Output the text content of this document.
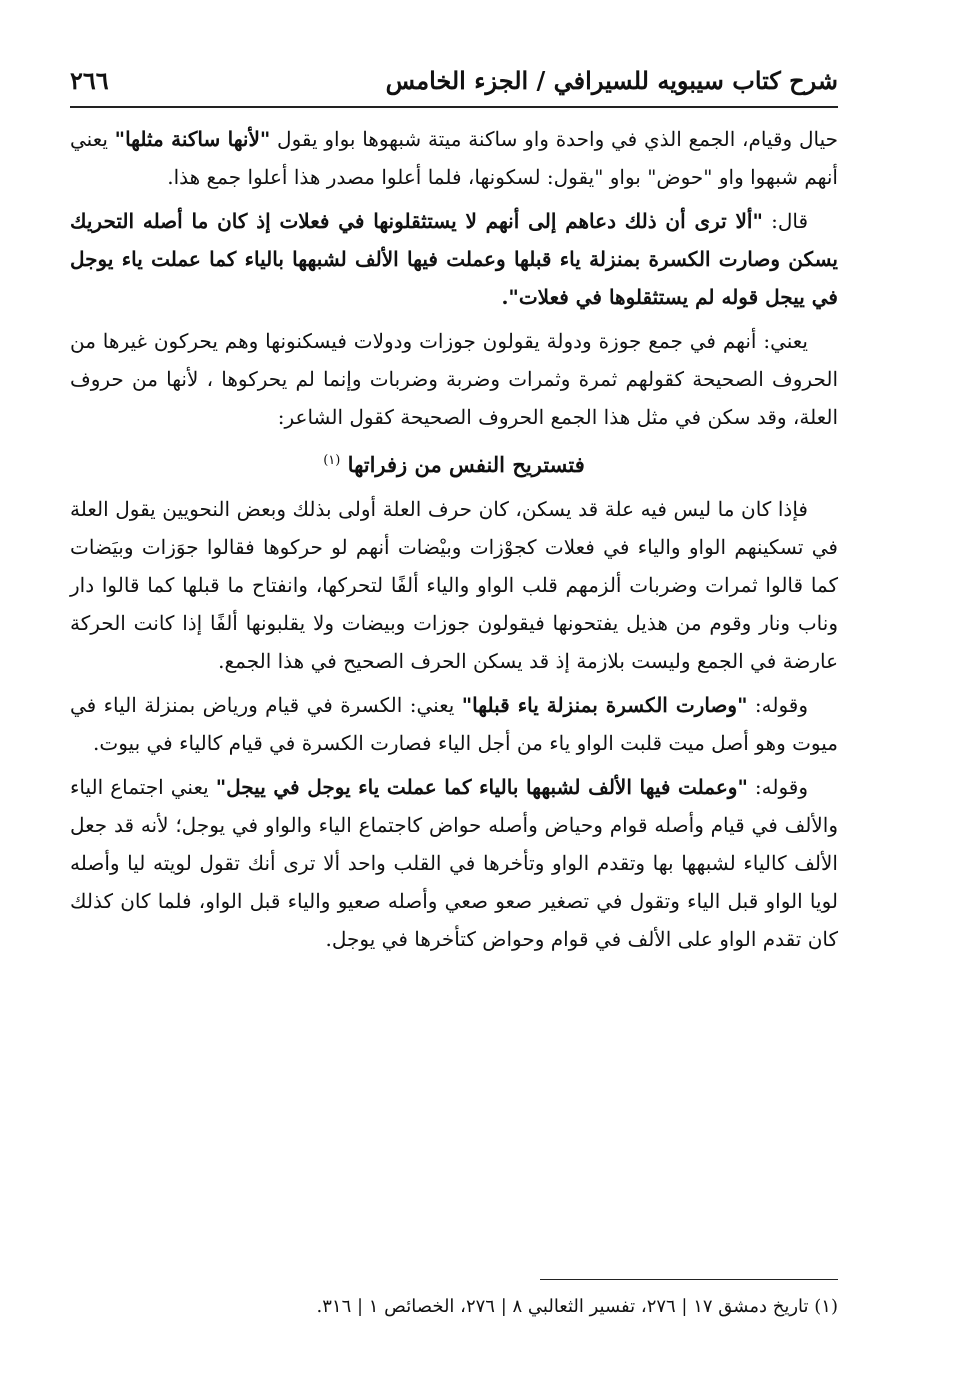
شرح كتاب سيبويه للسيرافي / الجزء الخامس
٢٦٦

حيال وقيام، الجمع الذي في واحدة واو ساكنة ميتة شبهوها بواو يقول "لأنها ساكنة مثلها" يعني أنهم شبهوا واو "حوض" بواو "يقول: لسكونها، فلما أعلوا مصدر هذا أعلوا جمع هذا.

قال: "ألا ترى أن ذلك دعاهم إلى أنهم لا يستثقلونها في فعلات إذ كان ما أصله التحريك يسكن وصارت الكسرة بمنزلة ياء قبلها وعملت فيها الألف لشبهها بالياء كما عملت ياء يوجل في ييجل قوله لم يستثقلوها في فعلات".

يعني: أنهم في جمع جوزة ودولة يقولون جوزات ودولات فيسكنونها وهم يحركون غيرها من الحروف الصحيحة كقولهم ثمرة وثمرات وضربة وضربات وإنما لم يحركوها ، لأنها من حروف العلة، وقد سكن في مثل هذا الجمع الحروف الصحيحة كقول الشاعر:

فتستريح النفس من زفراتها $^{(١)}$

فإذا كان ما ليس فيه علة قد يسكن، كان حرف العلة أولى بذلك وبعض النحويين يقول العلة في تسكينهم الواو والياء في فعلات كجوْزات وبيْضات أنهم لو حركوها فقالوا جوَزات وبيَضات كما قالوا ثمرات وضربات ألزمهم قلب الواو والياء ألفًا لتحركها، وانفتاح ما قبلها كما قالوا دار وناب ونار وقوم من هذيل يفتحونها فيقولون جوزات وبيضات ولا يقلبونها ألفًا إذا كانت الحركة عارضة في الجمع وليست بلازمة إذ قد يسكن الحرف الصحيح في هذا الجمع.

وقوله: "وصارت الكسرة بمنزلة ياء قبلها" يعني: الكسرة في قيام ورياض بمنزلة الياء في ميوت وهو أصل ميت قلبت الواو ياء من أجل الياء فصارت الكسرة في قيام كالياء في بيوت.

وقوله: "وعملت فيها الألف لشبهها بالياء كما عملت ياء يوجل في ييجل" يعني اجتماع الياء والألف في قيام وأصله قوام وحياض وأصله حواض كاجتماع الياء والواو في يوجل؛ لأنه قد جعل الألف كالياء لشبهها بها وتقدم الواو وتأخرها في القلب واحد ألا ترى أنك تقول لويته ليا وأصله لويا الواو قبل الياء وتقول في تصغير صعو صعي وأصله صعيو والياء قبل الواو، فلما كان كذلك كان تقدم الواو على الألف في قوام وحواض كتأخرها في يوجل.

(١) تاريخ دمشق ١٧ | ٢٧٦، تفسير الثعالبي ٨ | ٢٧٦، الخصائص ١ | ٣١٦.
